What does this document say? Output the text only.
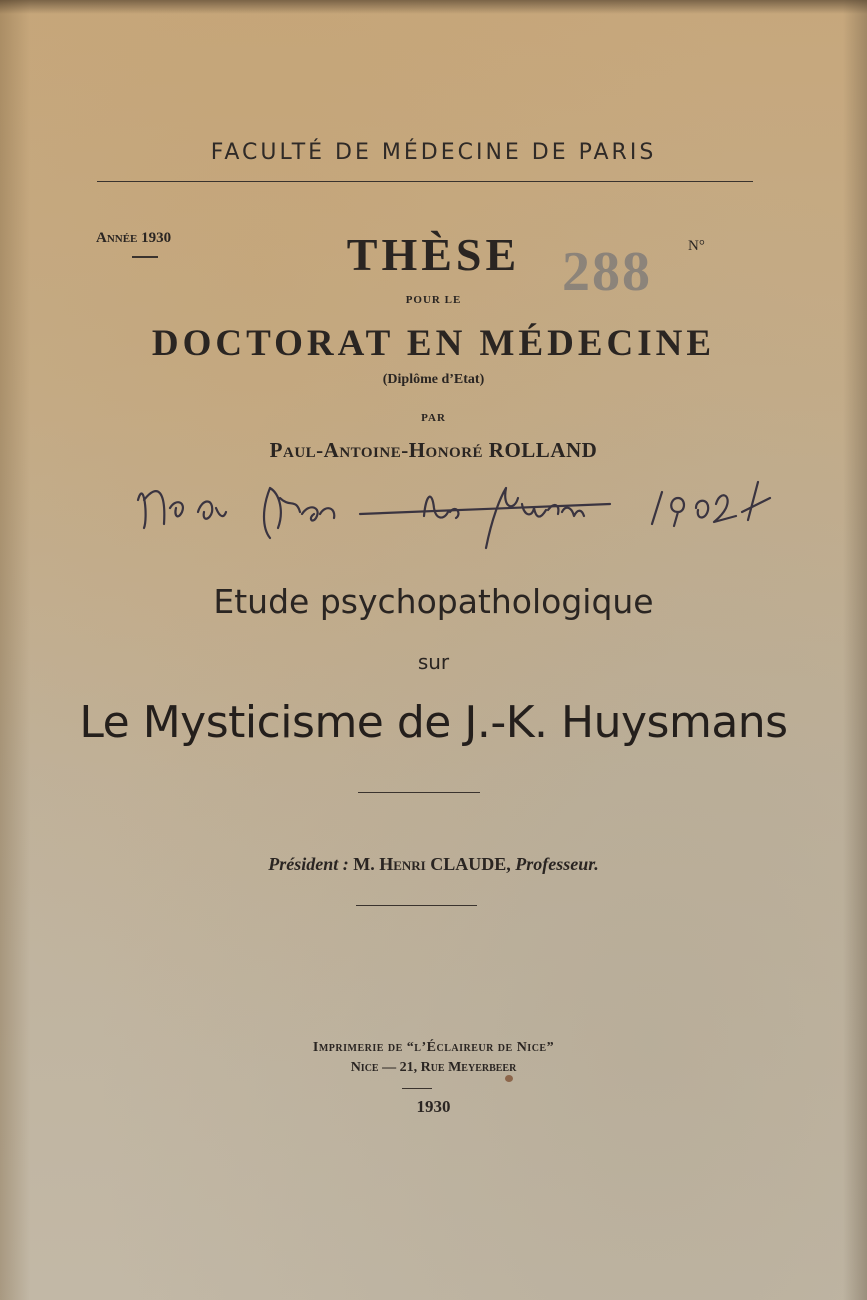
FACULTÉ DE MÉDECINE DE PARIS
Année 1930
288 N°
THÈSE
POUR LE
DOCTORAT EN MÉDECINE
(Diplôme d’Etat)
PAR
Paul-Antoine-Honoré ROLLAND
Etude psychopathologique
sur
Le Mysticisme de J.-K. Huysmans
Président : M. Henri CLAUDE, Professeur.
Imprimerie de “l’Éclaireur de Nice”
Nice — 21, Rue Meyerbeer
1930
